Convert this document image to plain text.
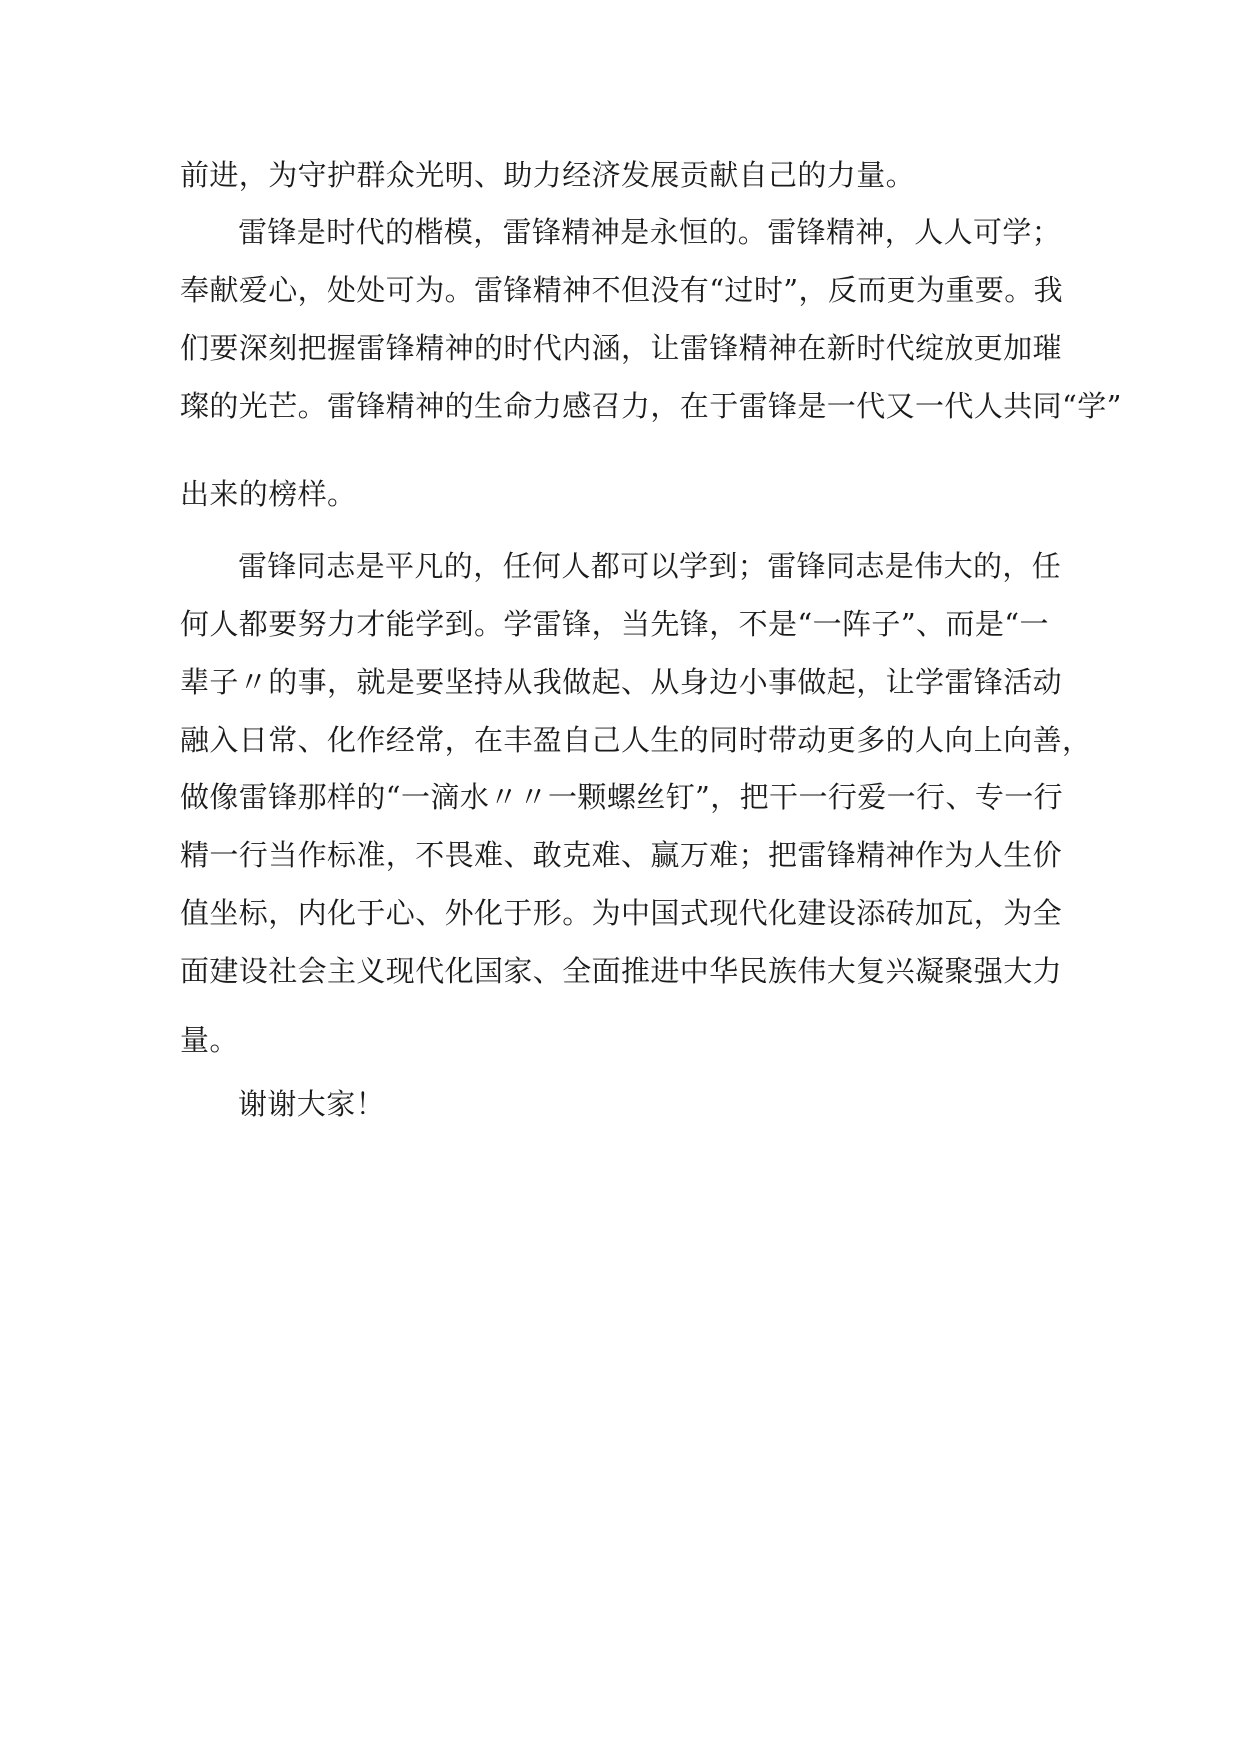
前进，为守护群众光明、助力经济发展贡献自己的力量。
雷锋是时代的楷模，雷锋精神是永恒的。雷锋精神，人人可学；
奉献爱心，处处可为。雷锋精神不但没有“过时”，反而更为重要。我
们要深刻把握雷锋精神的时代内涵，让雷锋精神在新时代绽放更加璀
璨的光芒。雷锋精神的生命力感召力，在于雷锋是一代又一代人共同“学”
出来的榜样。
雷锋同志是平凡的，任何人都可以学到；雷锋同志是伟大的，任
何人都要努力才能学到。学雷锋，当先锋，不是“一阵子”、而是“一
辈子〃的事，就是要坚持从我做起、从身边小事做起，让学雷锋活动
融入日常、化作经常，在丰盈自己人生的同时带动更多的人向上向善，
做像雷锋那样的“一滴水〃〃一颗螺丝钉”，把干一行爱一行、专一行
精一行当作标准，不畏难、敢克难、赢万难；把雷锋精神作为人生价
值坐标，内化于心、外化于形。为中国式现代化建设添砖加瓦，为全
面建设社会主义现代化国家、全面推进中华民族伟大复兴凝聚强大力
量。
谢谢大家！
